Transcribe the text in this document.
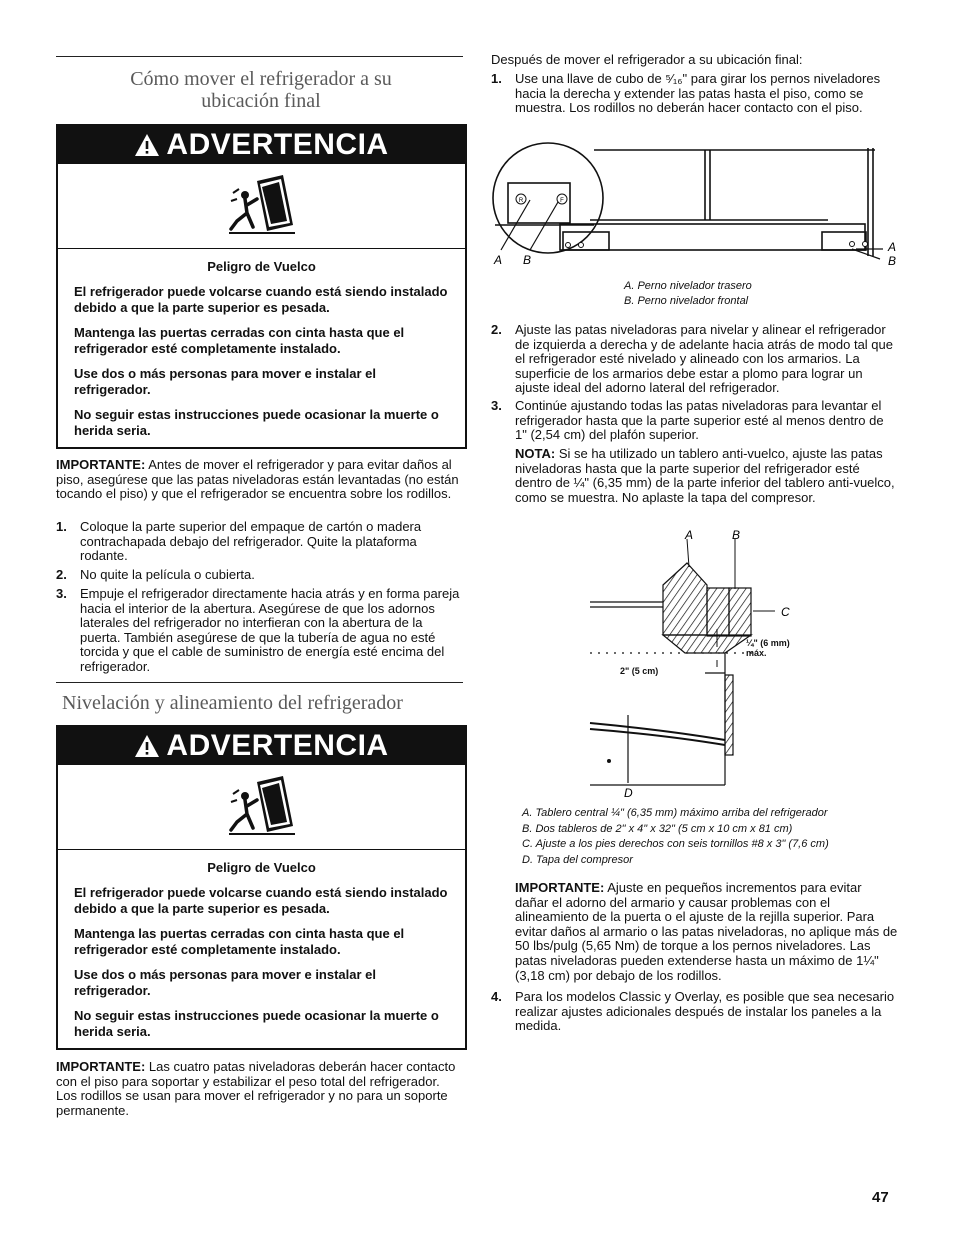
Cómo mover el refrigerador a su ubicación final
ADVERTENCIA

Peligro de Vuelco

El refrigerador puede volcarse cuando está siendo instalado debido a que la parte superior es pesada.

Mantenga las puertas cerradas con cinta hasta que el refrigerador esté completamente instalado.

Use dos o más personas para mover e instalar el refrigerador.

No seguir estas instrucciones puede ocasionar la muerte o herida seria.

IMPORTANTE: Antes de mover el refrigerador y para evitar daños al piso, asegúrese que las patas niveladoras están levantadas (no están tocando el piso) y que el refrigerador se encuentra sobre los rodillos.
1. Coloque la parte superior del empaque de cartón o madera contrachapada debajo del refrigerador. Quite la plataforma rodante.
2. No quite la película o cubierta.
3. Empuje el refrigerador directamente hacia atrás y en forma pareja hacia el interior de la abertura. Asegúrese de que los adornos laterales del refrigerador no interfieran con la abertura de la puerta. También asegúrese de que la tubería de agua no esté torcida y que el cable de suministro de energía esté encima del refrigerador.
Nivelación y alineamiento del refrigerador
ADVERTENCIA

Peligro de Vuelco

El refrigerador puede volcarse cuando está siendo instalado debido a que la parte superior es pesada.

Mantenga las puertas cerradas con cinta hasta que el refrigerador esté completamente instalado.

Use dos o más personas para mover e instalar el refrigerador.

No seguir estas instrucciones puede ocasionar la muerte o herida seria.

IMPORTANTE: Las cuatro patas niveladoras deberán hacer contacto con el piso para soportar y estabilizar el peso total del refrigerador. Los rodillos se usan para mover el refrigerador y no para un soporte permanente.
Después de mover el refrigerador a su ubicación final:
1. Use una llave de cubo de ⁵⁄₁₆" para girar los pernos niveladores hacia la derecha y extender las patas hasta el piso, como se muestra. Los rodillos no deberán hacer contacto con el piso.
R	F
A B
A
B
A. Perno nivelador trasero
B. Perno nivelador frontal
2. Ajuste las patas niveladoras para nivelar y alinear el refrigerador de izquierda a derecha y de adelante hacia atrás de modo tal que el refrigerador esté nivelado y alineado con los armarios. La superficie de los armarios debe estar a plomo para lograr un ajuste ideal del adorno lateral del refrigerador.
3. Continúe ajustando todas las patas niveladoras para levantar el refrigerador hasta que la parte superior esté al menos dentro de 1" (2,54 cm) del plafón superior.
NOTA: Si se ha utilizado un tablero anti-vuelco, ajuste las patas niveladoras hasta que la parte superior del refrigerador esté dentro de ¼" (6,35 mm) de la parte inferior del tablero anti-vuelco, como se muestra. No aplaste la tapa del compresor.
A	B
C
D
¼" (6 mm) máx.
2" (5 cm)
A. Tablero central ¼" (6,35 mm) máximo arriba del refrigerador
B. Dos tableros de 2" x 4" x 32" (5 cm x 10 cm x 81 cm)
C. Ajuste a los pies derechos con seis tornillos #8 x 3" (7,6 cm)
D. Tapa del compresor
IMPORTANTE: Ajuste en pequeños incrementos para evitar dañar el adorno del armario y causar problemas con el alineamiento de la puerta o el ajuste de la rejilla superior. Para evitar daños al armario o las patas niveladoras, no aplique más de 50 lbs/pulg (5,65 Nm) de torque a los pernos niveladores. Las patas niveladoras pueden extenderse hasta un máximo de 1¼" (3,18 cm) por debajo de los rodillos.
4. Para los modelos Classic y Overlay, es posible que sea necesario realizar ajustes adicionales después de instalar los paneles a la medida.
47
